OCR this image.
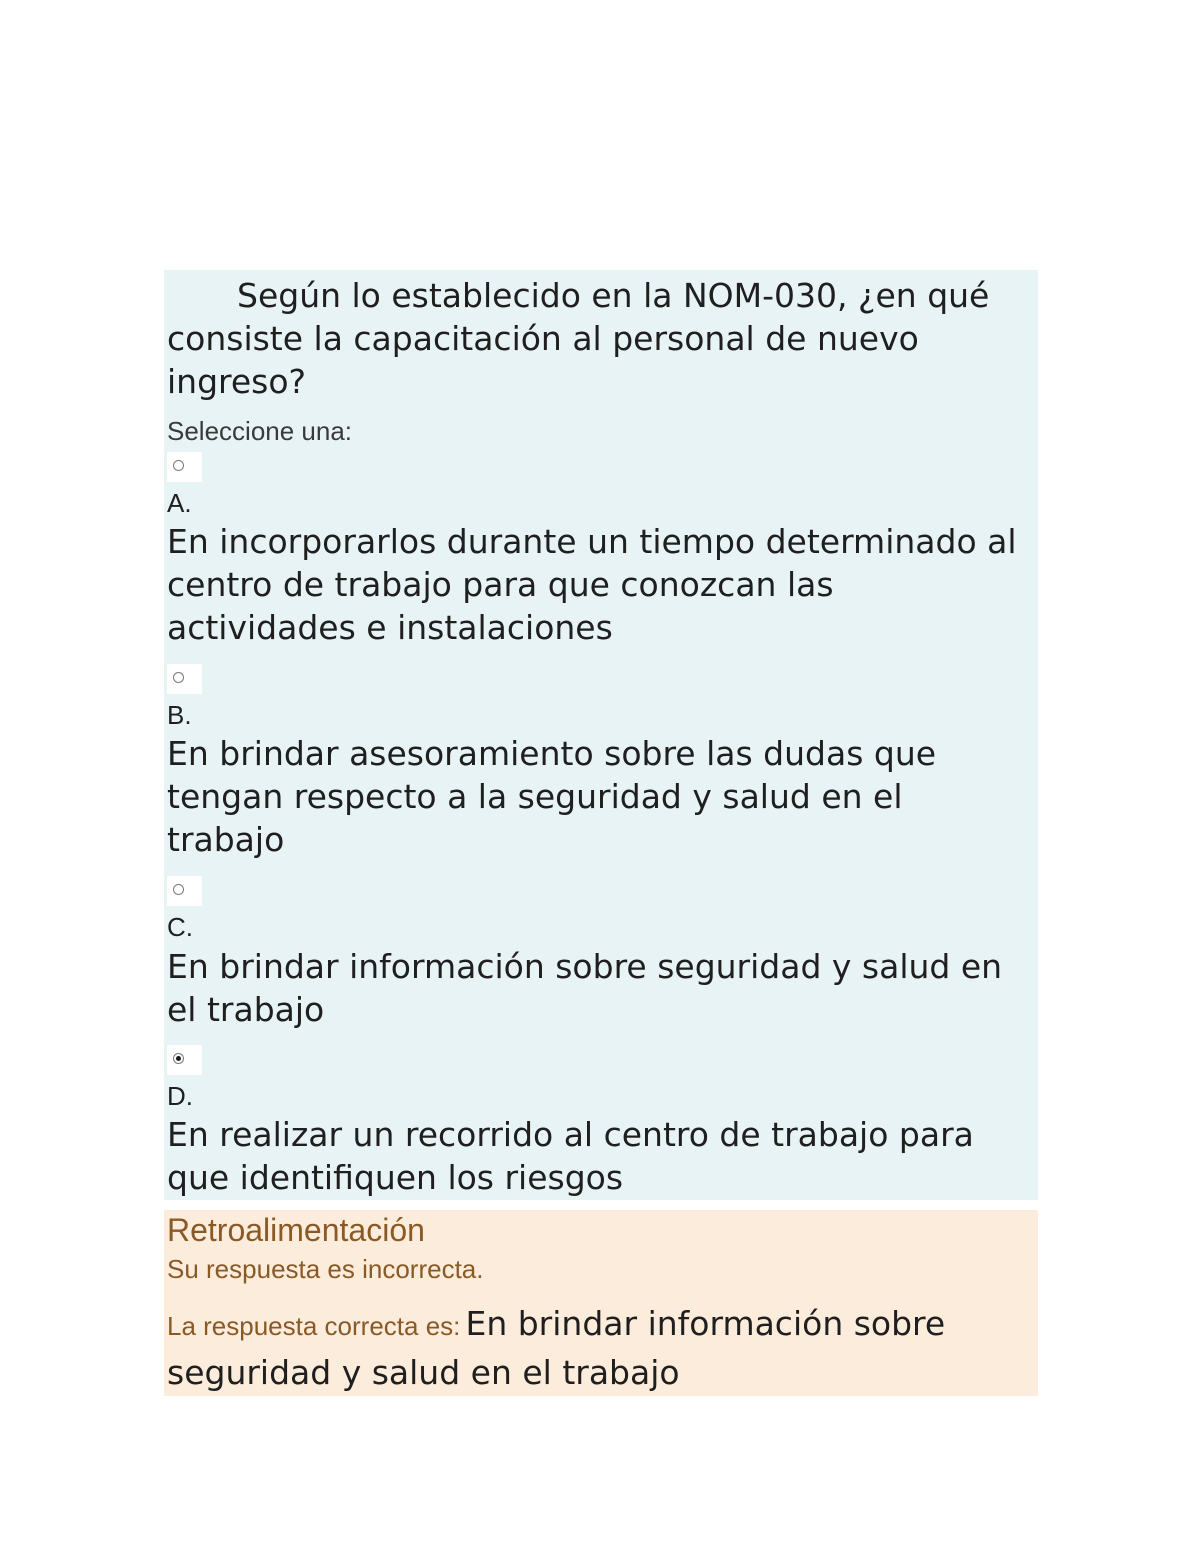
Según lo establecido en la NOM-030, ¿en qué consiste la capacitación al personal de nuevo ingreso?

Seleccione una:

A.

En incorporarlos durante un tiempo determinado al centro de trabajo para que conozcan las actividades e instalaciones

B.

En brindar asesoramiento sobre las dudas que tengan respecto a la seguridad y salud en el trabajo

C.

En brindar información sobre seguridad y salud en el trabajo

D.

En realizar un recorrido al centro de trabajo para que identifiquen los riesgos

Retroalimentación

Su respuesta es incorrecta.

La respuesta correcta es: En brindar información sobre seguridad y salud en el trabajo
